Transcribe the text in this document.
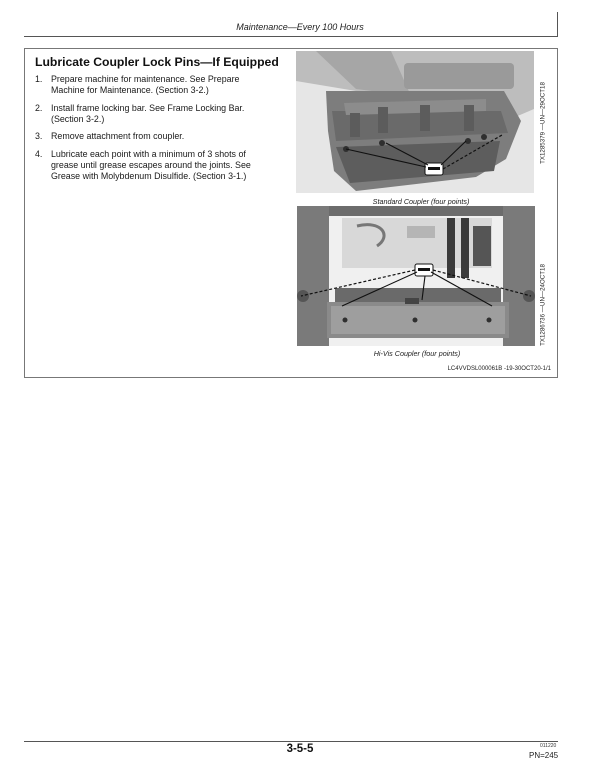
Maintenance—Every 100 Hours
Lubricate Coupler Lock Pins—If Equipped
1. Prepare machine for maintenance. See Prepare
Machine for Maintenance. (Section 3-2.)
2. Install frame locking bar. See Frame Locking Bar.
(Section 3-2.)
3. Remove attachment from coupler.
4. Lubricate each point with a minimum of 3 shots of
grease until grease escapes around the joints. See
Grease with Molybdenum Disulfide. (Section 3-1.)
TX1285379 —UN—29OCT18
Standard Coupler (four points)
TX1286736 —UN—24OCT18
Hi-Vis Coupler (four points)
LC4VVDSL000061B -19-30OCT20-1/1
3-5-5	011220
PN=245
